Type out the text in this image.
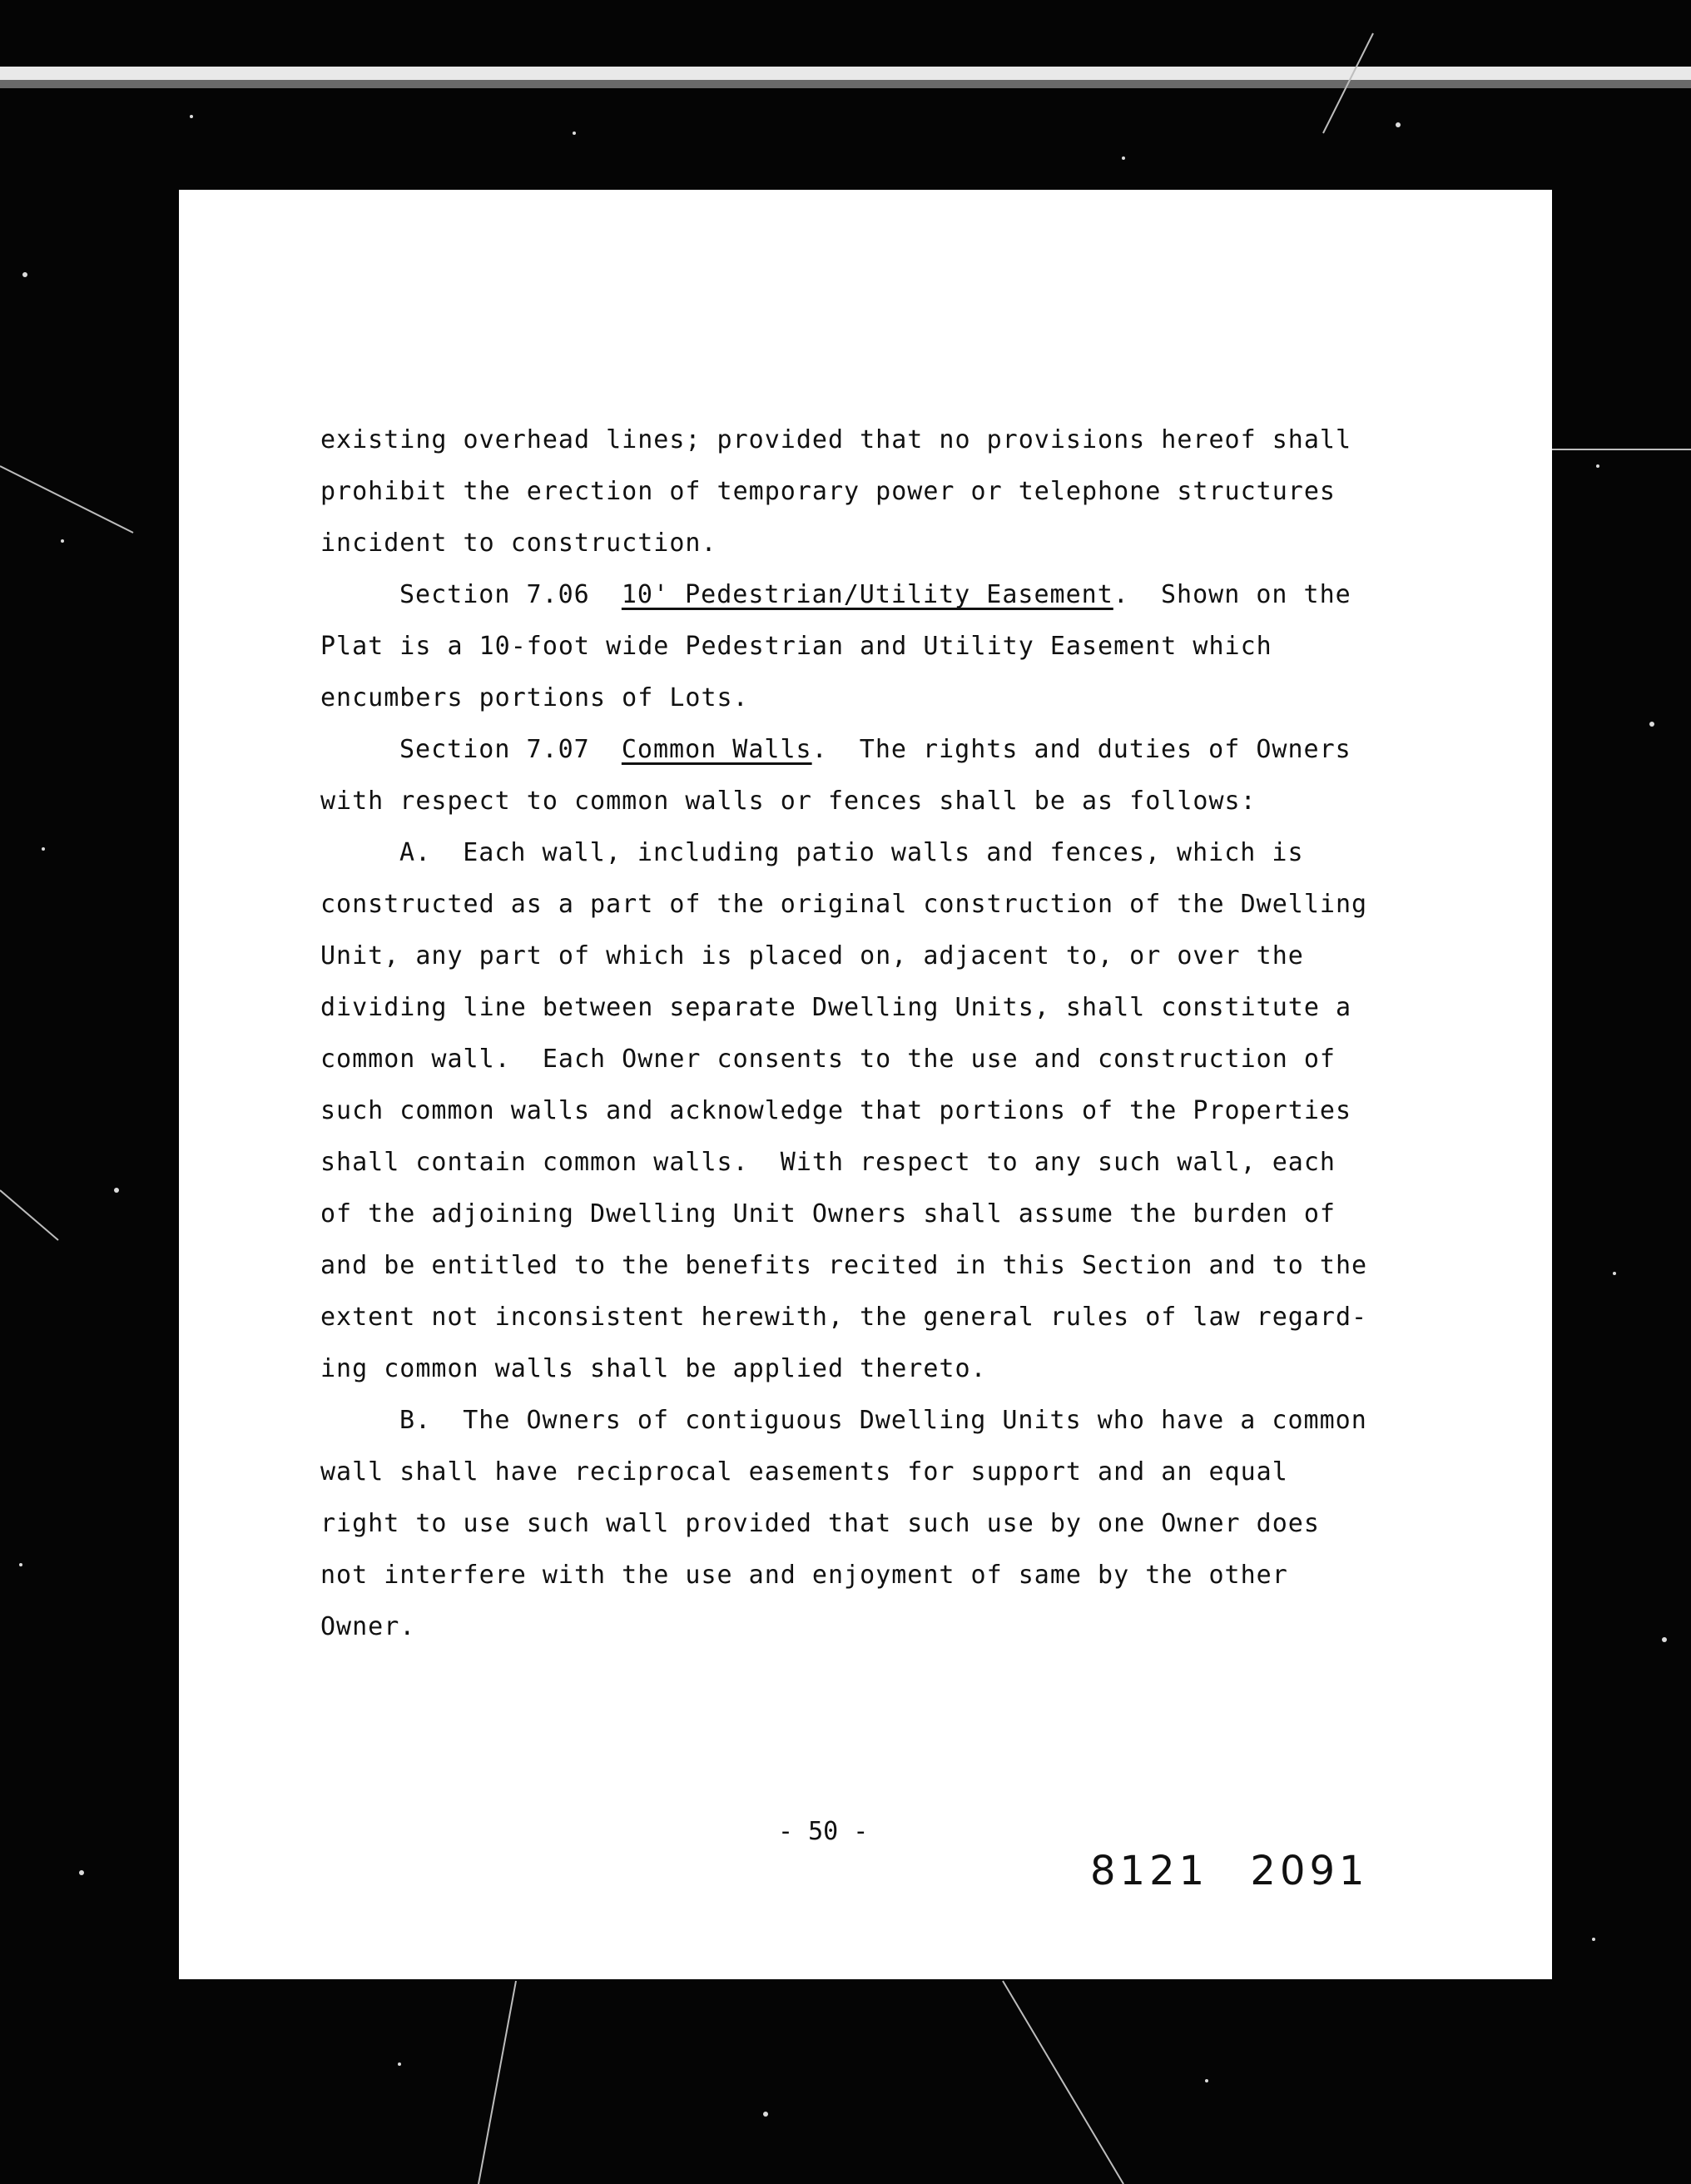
existing overhead lines; provided that no provisions hereof shall
prohibit the erection of temporary power or telephone structures
incident to construction.
Section 7.06 10' Pedestrian/Utility Easement.  Shown on the
Plat is a 10-foot wide Pedestrian and Utility Easement which
encumbers portions of Lots.
Section 7.07 Common Walls.  The rights and duties of Owners
with respect to common walls or fences shall be as follows:
A.  Each wall, including patio walls and fences, which is
constructed as a part of the original construction of the Dwelling
Unit, any part of which is placed on, adjacent to, or over the
dividing line between separate Dwelling Units, shall constitute a
common wall.  Each Owner consents to the use and construction of
such common walls and acknowledge that portions of the Properties
shall contain common walls.  With respect to any such wall, each
of the adjoining Dwelling Unit Owners shall assume the burden of
and be entitled to the benefits recited in this Section and to the
extent not inconsistent herewith, the general rules of law regard-
ing common walls shall be applied thereto.
B.  The Owners of contiguous Dwelling Units who have a common
wall shall have reciprocal easements for support and an equal
right to use such wall provided that such use by one Owner does
not interfere with the use and enjoyment of same by the other
Owner.
- 50 -
8121 2091
